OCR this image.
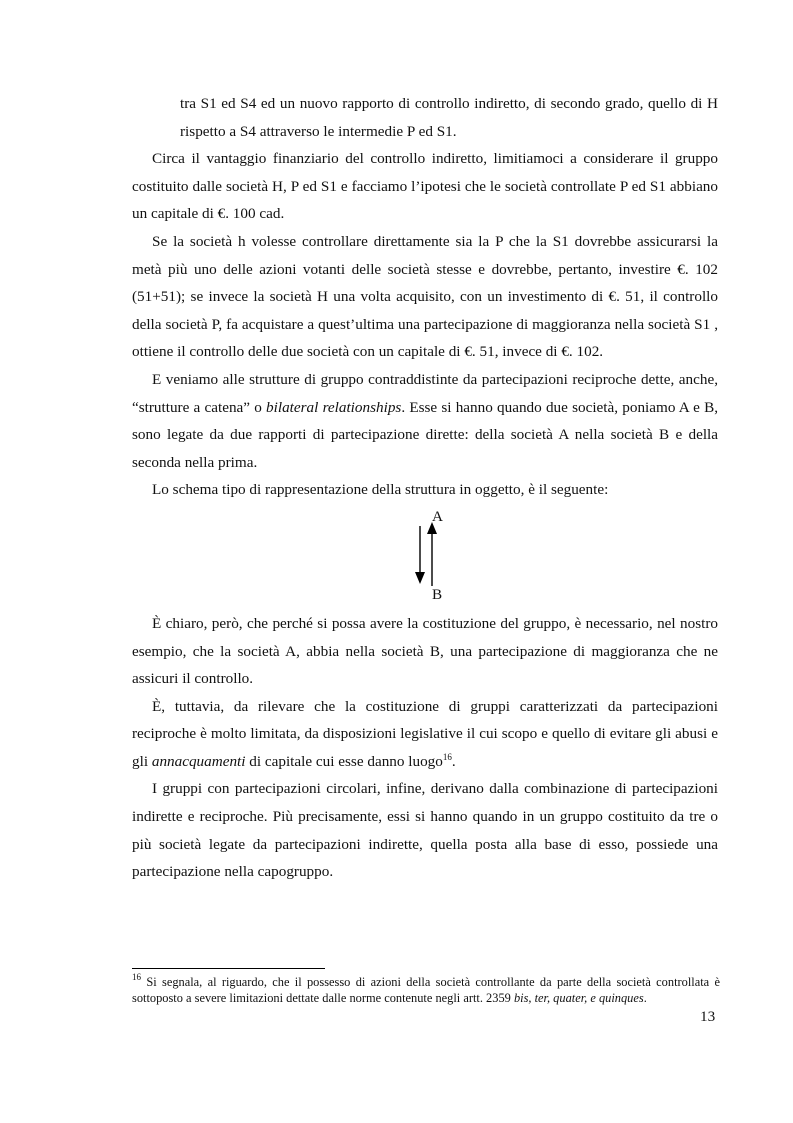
tra S1 ed S4 ed un nuovo rapporto di controllo indiretto, di secondo grado, quello di H rispetto a S4 attraverso le intermedie P ed S1.

Circa il vantaggio finanziario del controllo indiretto, limitiamoci a considerare il gruppo costituito dalle società H, P ed S1 e facciamo l’ipotesi che le società controllate P ed S1 abbiano un capitale di €. 100 cad.

Se la società h volesse controllare direttamente sia la P che la S1 dovrebbe assicurarsi la metà più uno delle azioni votanti delle società stesse e dovrebbe, pertanto, investire €. 102 (51+51); se invece la società H una volta acquisito, con un investimento di €. 51, il controllo della società P, fa acquistare a quest’ultima una partecipazione di maggioranza nella società S1 , ottiene il controllo delle due società con un capitale di €. 51, invece di €. 102.

E veniamo alle strutture di gruppo contraddistinte da partecipazioni reciproche dette, anche, “strutture a catena” o bilateral relationships. Esse si hanno quando due società, poniamo A e B, sono legate da due rapporti di partecipazione dirette: della società A nella società B e della seconda nella prima.

Lo schema tipo di rappresentazione della struttura in oggetto, è il seguente:

A
B

È chiaro, però, che perché si possa avere la costituzione del gruppo, è necessario, nel nostro esempio, che la società A, abbia nella società B, una partecipazione di maggioranza che ne assicuri il controllo.

È, tuttavia, da rilevare che la costituzione di gruppi caratterizzati da partecipazioni reciproche è molto limitata, da disposizioni legislative il cui scopo e quello di evitare gli abusi e gli annacquamenti di capitale cui esse danno luogo$^{16}$.

I gruppi con partecipazioni circolari, infine, derivano dalla combinazione di partecipazioni indirette e reciproche. Più precisamente, essi si hanno quando in un gruppo costituito da tre o più società legate da partecipazioni indirette, quella posta alla base di esso, possiede una partecipazione nella capogruppo.

$^{16}$ Si segnala, al riguardo, che il possesso di azioni della società controllante da parte della società controllata è sottoposto a severe limitazioni dettate dalle norme contenute negli artt. 2359 bis, ter, quater, e quinques.
13
